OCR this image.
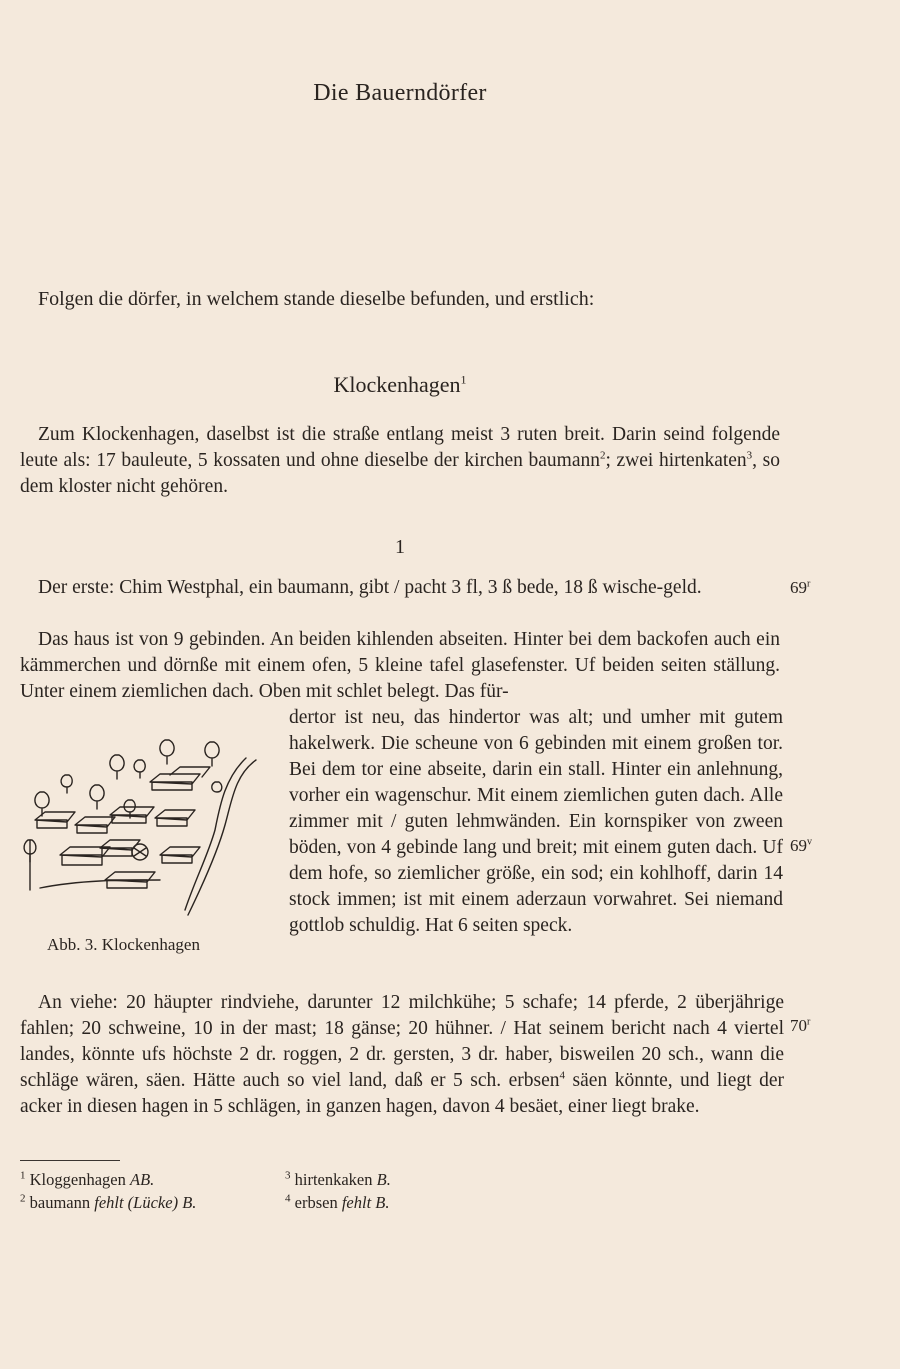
Die Bauerndörfer
Folgen die dörfer, in welchem stande dieselbe befunden, und erstlich:
Klockenhagen$^1$
Zum Klockenhagen, daselbst ist die straße entlang meist 3 ruten breit. Darin seind folgende leute als: 17 bauleute, 5 kossaten und ohne dieselbe der kirchen baumann$^2$; zwei hirtenkaten$^3$, so dem kloster nicht gehören.
1
Der erste: Chim Westphal, ein baumann, gibt / pacht 3 fl, 3 ß bede, 18 ß wische-geld.
Das haus ist von 9 gebinden. An beiden kihlenden abseiten. Hinter bei dem backofen auch ein kämmerchen und dörnße mit einem ofen, 5 kleine tafel glasefenster. Uf beiden seiten ställung. Unter einem ziemlichen dach. Oben mit schlet belegt. Das für-
dertor ist neu, das hindertor was alt; und umher mit gutem hakelwerk. Die scheune von 6 gebinden mit einem großen tor. Bei dem tor eine abseite, darin ein stall. Hinter ein anlehnung, vorher ein wagenschur. Mit einem ziemlichen guten dach. Alle zimmer mit / guten lehmwänden. Ein kornspiker von zween böden, von 4 gebinde lang und breit; mit einem guten dach. Uf dem hofe, so ziemlicher größe, ein sod; ein kohlhoff, darin 14 stock immen; ist mit einem aderzaun vorwahret. Sei niemand gottlob schuldig. Hat 6 seiten speck.
An viehe: 20 häupter rindviehe, darunter 12 milchkühe; 5 schafe; 14 pferde, 2 überjährige fahlen; 20 schweine, 10 in der mast; 18 gänse; 20 hühner. / Hat seinem bericht nach 4 viertel landes, könnte ufs höchste 2 dr. roggen, 2 dr. gersten, 3 dr. haber, bisweilen 20 sch., wann die schläge wären, säen. Hätte auch so viel land, daß er 5 sch. erbsen$^4$ säen könnte, und liegt der acker in diesen hagen in 5 schlägen, in ganzen hagen, davon 4 besäet, einer liegt brake.
69$^r$
69$^v$
70$^r$
Abb. 3. Klockenhagen
$^1$ Kloggenhagen AB.
$^2$ baumann fehlt (Lücke) B.
$^3$ hirtenkaken B.
$^4$ erbsen fehlt B.
